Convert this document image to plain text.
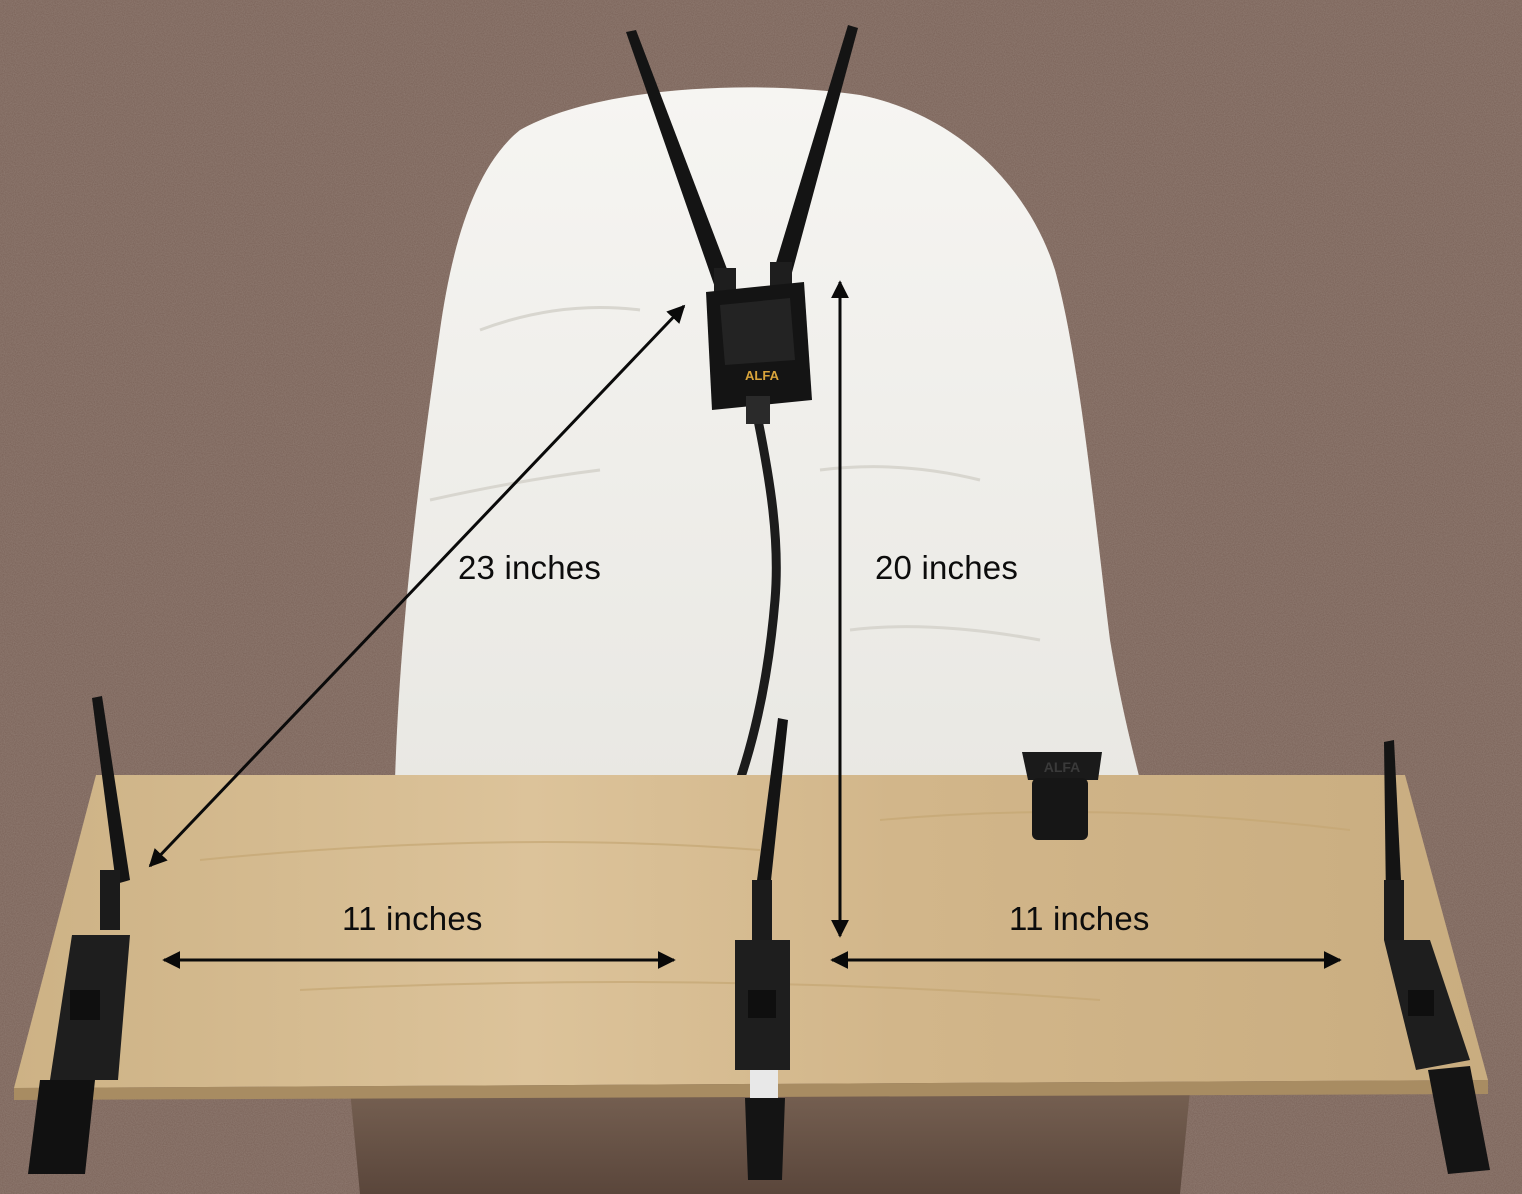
ALFA
ALFA
23 inches	20 inches
11 inches	11 inches
